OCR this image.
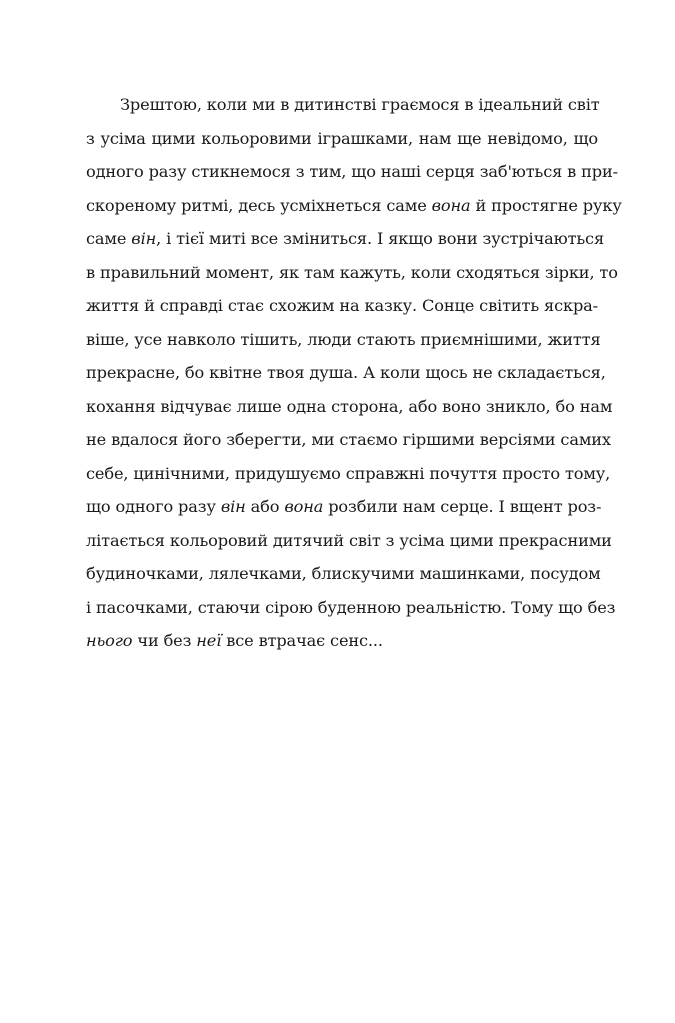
Зрештою, коли ми в дитинстві граємося в ідеальний світ
з усіма цими кольоровими іграшками, нам ще невідомо, що
одного разу стикнемося з тим, що наші серця заб'ються в при-
скореному ритмі, десь усміхнеться саме вона й простягне руку
саме він, і тієї миті все зміниться. І якщо вони зустрічаються
в правильний момент, як там кажуть, коли сходяться зірки, то
життя й справді стає схожим на казку. Сонце світить яскра-
віше, усе навколо тішить, люди стають приємнішими, життя
прекрасне, бо квітне твоя душа. А коли щось не складається,
кохання відчуває лише одна сторона, або воно зникло, бо нам
не вдалося його зберегти, ми стаємо гіршими версіями самих
себе, цинічними, придушуємо справжні почуття просто тому,
що одного разу він або вона розбили нам серце. І вщент роз-
літається кольоровий дитячий світ з усіма цими прекрасними
будиночками, лялечками, блискучими машинками, посудом
і пасочками, стаючи сірою буденною реальністю. Тому що без
нього чи без неї все втрачає сенс...
